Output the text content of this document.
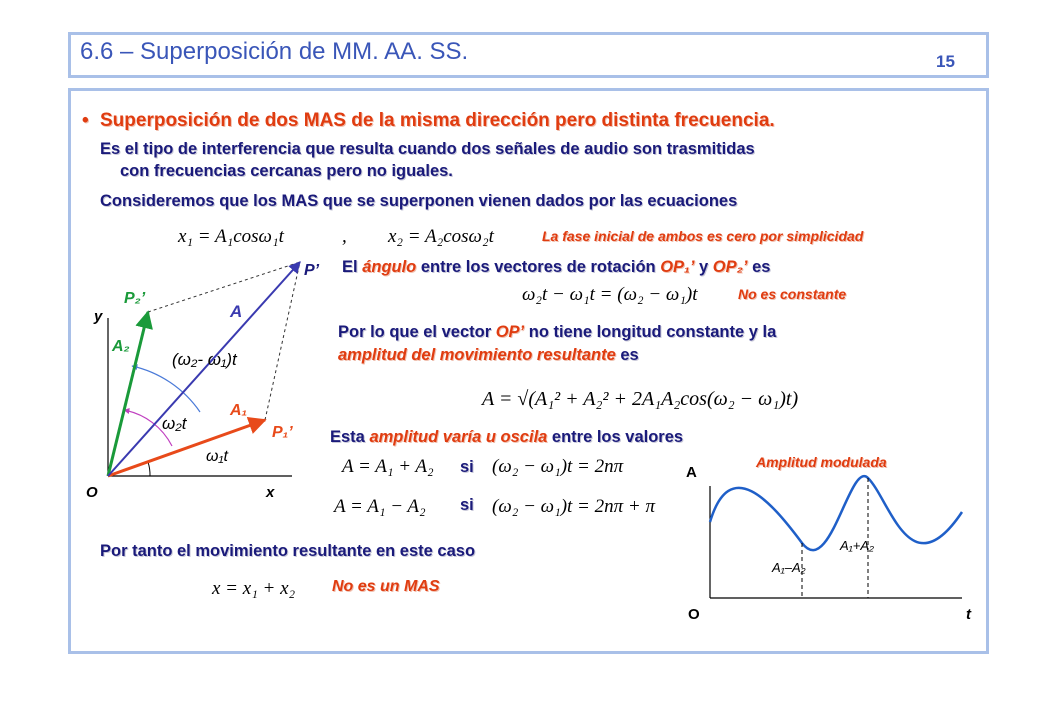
6.6 – Superposición de MM. AA. SS.	15
• Superposición de dos MAS de la misma dirección pero distinta frecuencia.
Es el tipo de interferencia que resulta cuando dos señales de audio son trasmitidas
con frecuencias cercanas pero no iguales.
Consideremos que los MAS que se superponen vienen dados por las ecuaciones
x₁ = A₁cosω₁t	, x₂ = A₂cosω₂t	La fase inicial de ambos es cero por simplicidad
El ángulo entre los vectores de rotación OP₁’ y OP₂’ es
ω₂t − ω₁t = (ω₂ − ω₁)t	No es constante
Por lo que el vector OP’ no tiene longitud constante y la
amplitud del movimiento resultante es
A = √(A₁² + A₂² + 2A₁A₂cos(ω₂ − ω₁)t)
Esta amplitud varía u oscila entre los valores
A = A₁ + A₂ si (ω₂ − ω₁)t = 2nπ
A = A₁ − A₂ si (ω₂ − ω₁)t = 2nπ + π
Por tanto el movimiento resultante en este caso
x = x₁ + x₂ No es un MAS
P’
P₂’
P₁’
A
A₂
A₁
y
x
O
(ω₂- ω₁)t
ω₂t
ω₁t	Amplitud modulada
A
O	t
A₁+A₂
A₁–A₂
